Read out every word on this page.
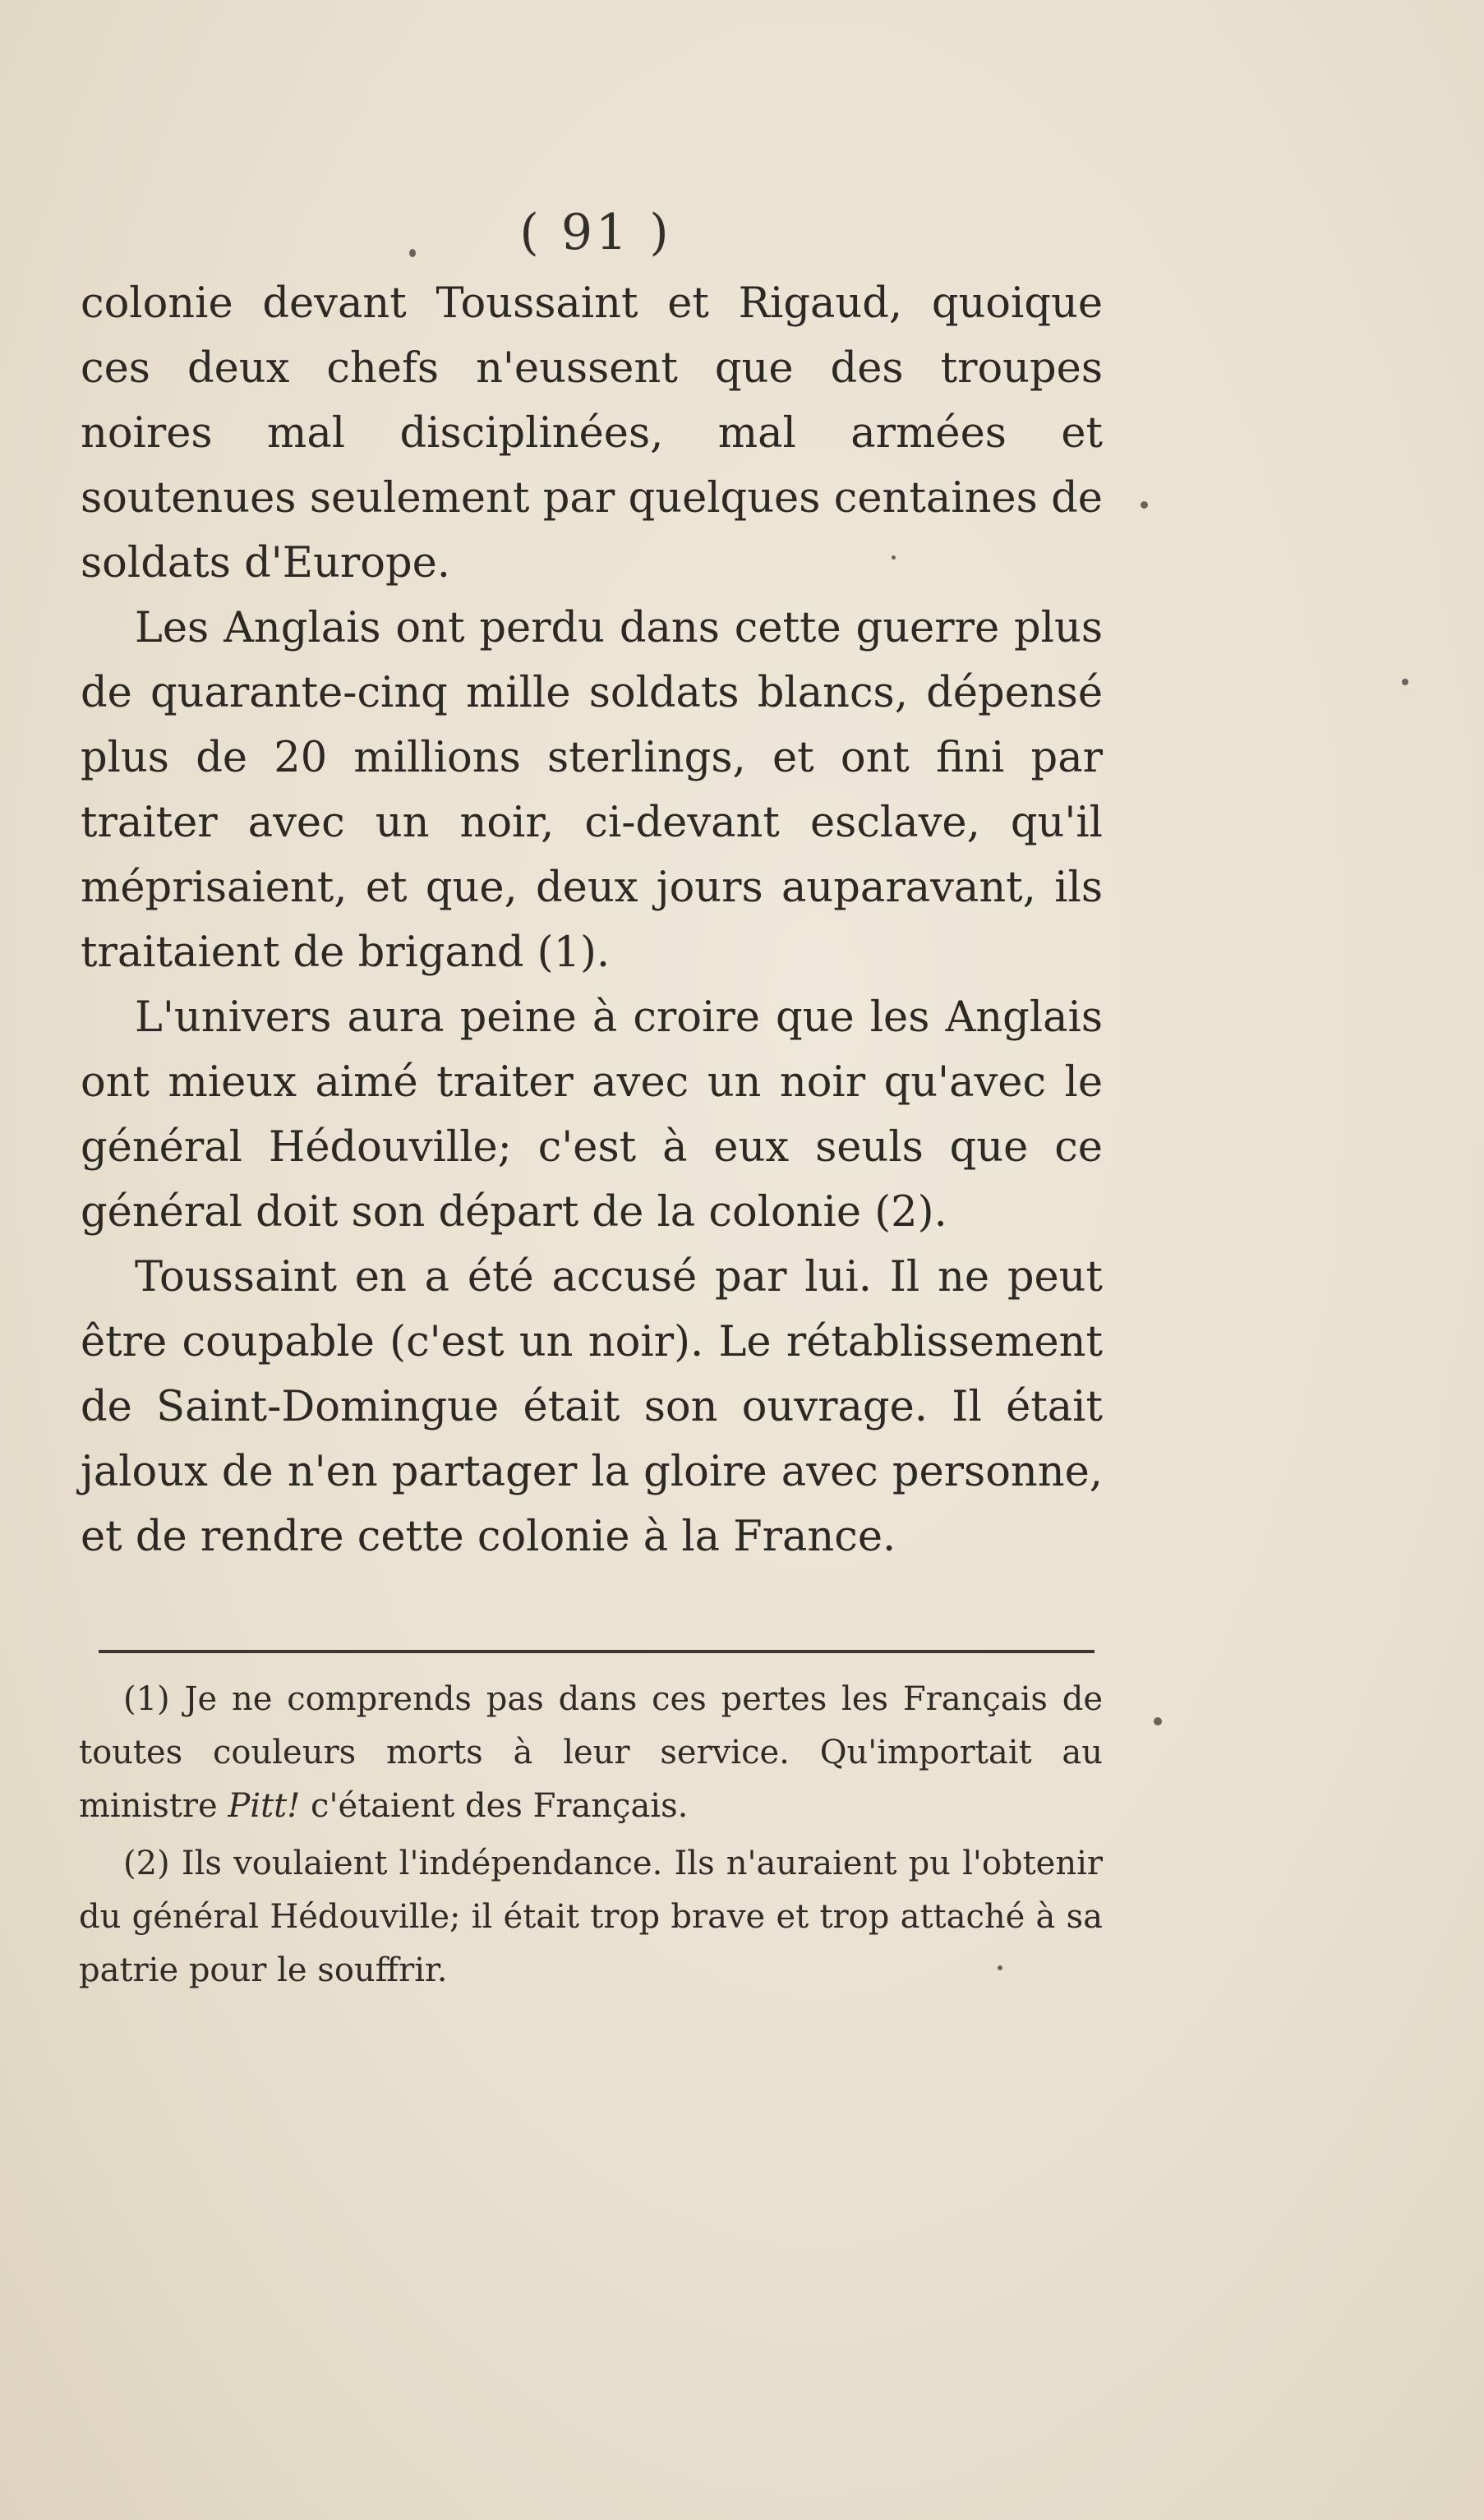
( 91 )

colonie devant Toussaint et Rigaud, quoique ces deux chefs n'eussent que des troupes noires mal disciplinées, mal armées et soutenues seulement par quelques centaines de soldats d'Europe.

Les Anglais ont perdu dans cette guerre plus de quarante-cinq mille soldats blancs, dépensé plus de 20 millions sterlings, et ont fini par traiter avec un noir, ci-devant esclave, qu'il méprisaient, et que, deux jours auparavant, ils traitaient de brigand (1).

L'univers aura peine à croire que les Anglais ont mieux aimé traiter avec un noir qu'avec le général Hédouville; c'est à eux seuls que ce général doit son départ de la colonie (2).

Toussaint en a été accusé par lui. Il ne peut être coupable (c'est un noir). Le rétablissement de Saint-Domingue était son ouvrage. Il était jaloux de n'en partager la gloire avec personne, et de rendre cette colonie à la France.

(1) Je ne comprends pas dans ces pertes les Français de toutes couleurs morts à leur service. Qu'importait au ministre Pitt! c'étaient des Français.

(2) Ils voulaient l'indépendance. Ils n'auraient pu l'obtenir du général Hédouville; il était trop brave et trop attaché à sa patrie pour le souffrir.
